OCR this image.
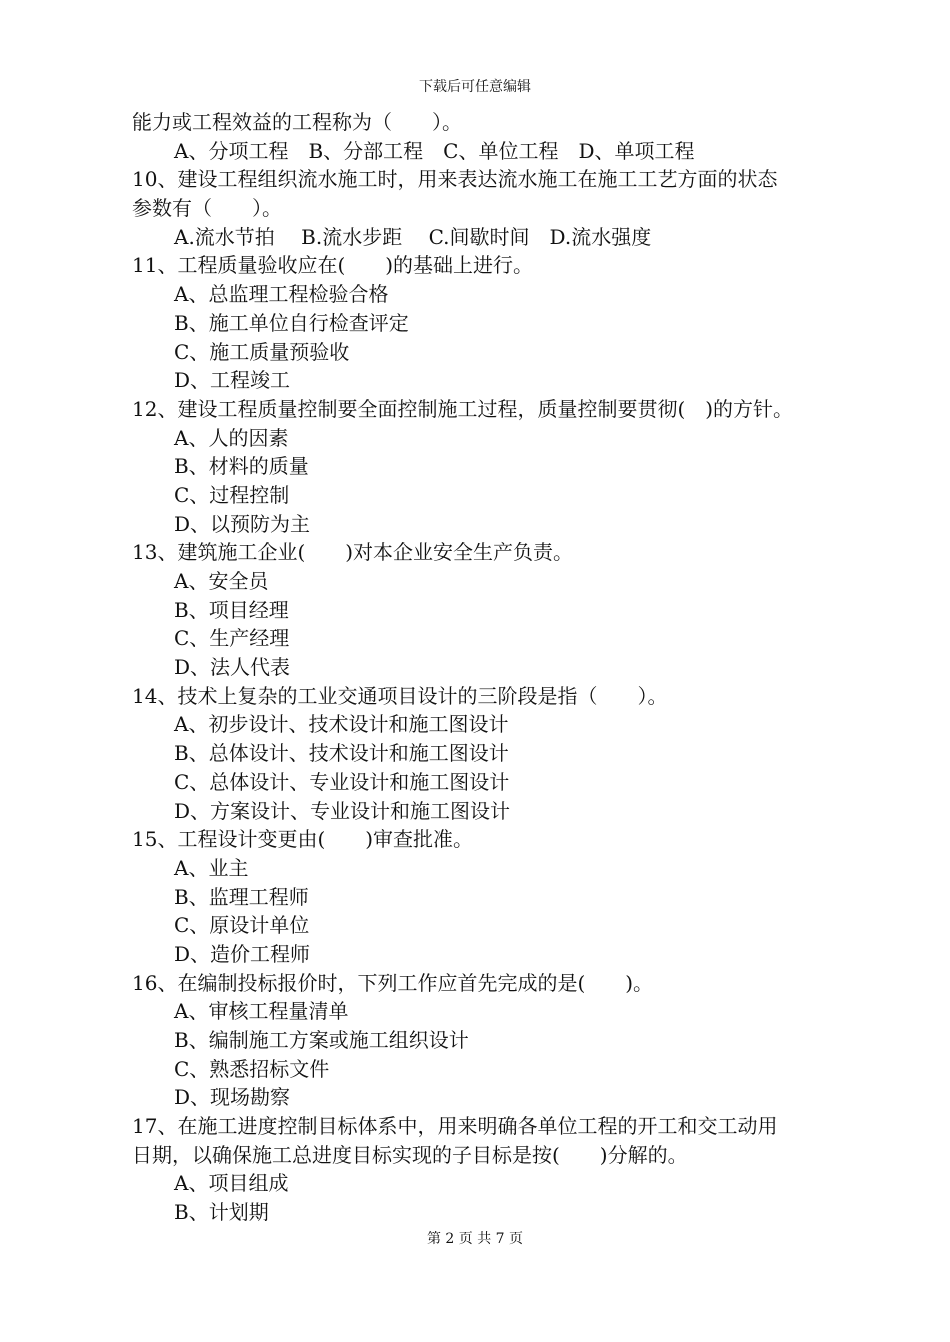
下载后可任意编辑
能力或工程效益的工程称为（　　）。
A、分项工程　B、分部工程　C、单位工程　D、单项工程
10、建设工程组织流水施工时，用来表达流水施工在施工工艺方面的状态
参数有（　　）。
A.流水节拍　 B.流水步距　 C.间歇时间　D.流水强度
11、工程质量验收应在(　　)的基础上进行。
A、总监理工程检验合格
B、施工单位自行检查评定
C、施工质量预验收
D、工程竣工
12、建设工程质量控制要全面控制施工过程，质量控制要贯彻(　)的方针。
A、人的因素
B、材料的质量
C、过程控制
D、以预防为主
13、建筑施工企业(　　)对本企业安全生产负责。
A、安全员
B、项目经理
C、生产经理
D、法人代表
14、技术上复杂的工业交通项目设计的三阶段是指（　　）。
A、初步设计、技术设计和施工图设计
B、总体设计、技术设计和施工图设计
C、总体设计、专业设计和施工图设计
D、方案设计、专业设计和施工图设计
15、工程设计变更由(　　)审查批准。
A、业主
B、监理工程师
C、原设计单位
D、造价工程师
16、在编制投标报价时，下列工作应首先完成的是(　　)。
A、审核工程量清单
B、编制施工方案或施工组织设计
C、熟悉招标文件
D、现场勘察
17、在施工进度控制目标体系中，用来明确各单位工程的开工和交工动用
日期，以确保施工总进度目标实现的子目标是按(　　)分解的。
A、项目组成
B、计划期
第 2 页 共 7 页
